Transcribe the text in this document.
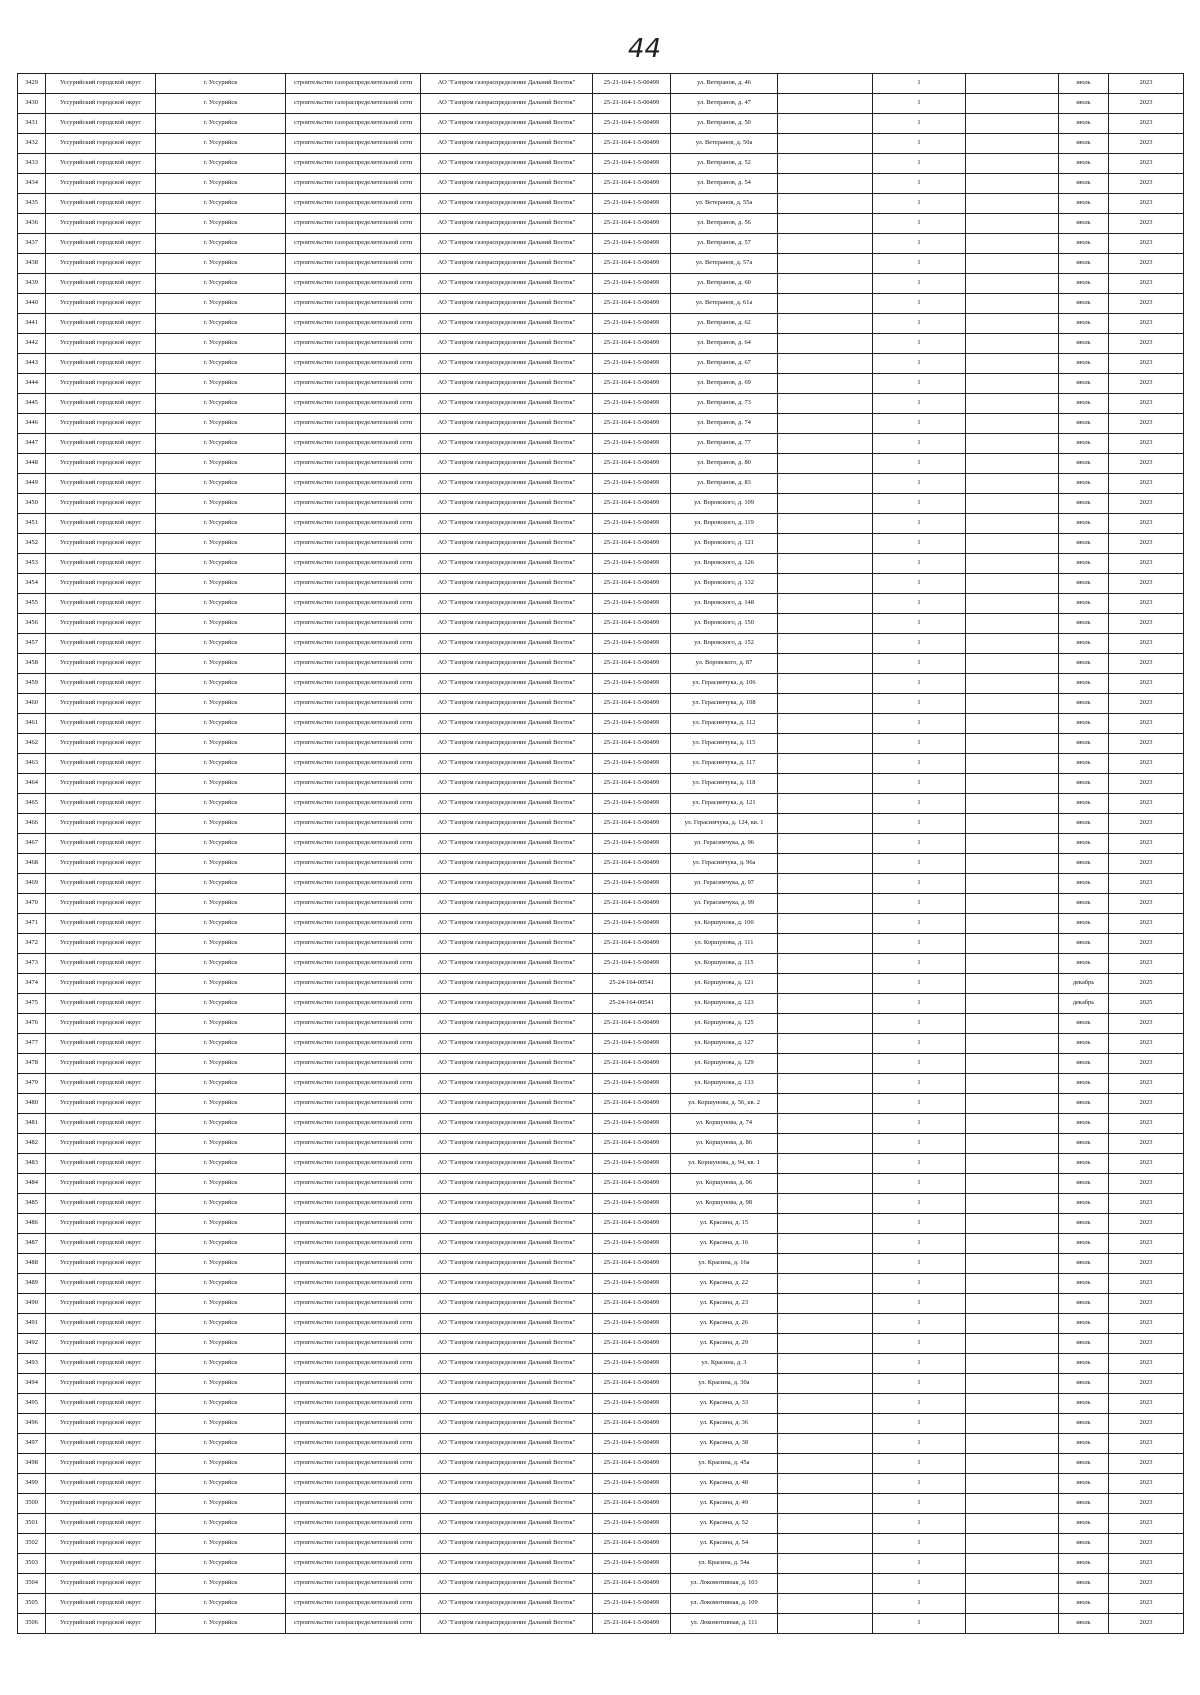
44
3429	Уссурийский городской округ	г. Уссурийск	строительство газораспределительной сети	АО "Газпром газораспределение Дальний Восток"	25-21-164-1-5-00499	ул. Ветеранов, д. 46		1		июль	2023
3430	Уссурийский городской округ	г. Уссурийск	строительство газораспределительной сети	АО "Газпром газораспределение Дальний Восток"	25-21-164-1-5-00499	ул. Ветеранов, д. 47		1		июль	2023
3431	Уссурийский городской округ	г. Уссурийск	строительство газораспределительной сети	АО "Газпром газораспределение Дальний Восток"	25-21-164-1-5-00499	ул. Ветеранов, д. 50		1		июль	2023
3432	Уссурийский городской округ	г. Уссурийск	строительство газораспределительной сети	АО "Газпром газораспределение Дальний Восток"	25-21-164-1-5-00499	ул. Ветеранов, д. 50а		1		июль	2023
3433	Уссурийский городской округ	г. Уссурийск	строительство газораспределительной сети	АО "Газпром газораспределение Дальний Восток"	25-21-164-1-5-00499	ул. Ветеранов, д. 52		1		июль	2023
3434	Уссурийский городской округ	г. Уссурийск	строительство газораспределительной сети	АО "Газпром газораспределение Дальний Восток"	25-21-164-1-5-00499	ул. Ветеранов, д. 54		1		июль	2023
3435	Уссурийский городской округ	г. Уссурийск	строительство газораспределительной сети	АО "Газпром газораспределение Дальний Восток"	25-21-164-1-5-00499	ул. Ветеранов, д. 55а		1		июль	2023
3436	Уссурийский городской округ	г. Уссурийск	строительство газораспределительной сети	АО "Газпром газораспределение Дальний Восток"	25-21-164-1-5-00499	ул. Ветеранов, д. 56		1		июль	2023
3437	Уссурийский городской округ	г. Уссурийск	строительство газораспределительной сети	АО "Газпром газораспределение Дальний Восток"	25-21-164-1-5-00499	ул. Ветеранов, д. 57		1		июль	2023
3438	Уссурийский городской округ	г. Уссурийск	строительство газораспределительной сети	АО "Газпром газораспределение Дальний Восток"	25-21-164-1-5-00499	ул. Ветеранов, д. 57а		1		июль	2023
3439	Уссурийский городской округ	г. Уссурийск	строительство газораспределительной сети	АО "Газпром газораспределение Дальний Восток"	25-21-164-1-5-00499	ул. Ветеранов, д. 60		1		июль	2023
3440	Уссурийский городской округ	г. Уссурийск	строительство газораспределительной сети	АО "Газпром газораспределение Дальний Восток"	25-21-164-1-5-00499	ул. Ветеранов, д. 61а		1		июль	2023
3441	Уссурийский городской округ	г. Уссурийск	строительство газораспределительной сети	АО "Газпром газораспределение Дальний Восток"	25-21-164-1-5-00499	ул. Ветеранов, д. 62		1		июль	2023
3442	Уссурийский городской округ	г. Уссурийск	строительство газораспределительной сети	АО "Газпром газораспределение Дальний Восток"	25-21-164-1-5-00499	ул. Ветеранов, д. 64		1		июль	2023
3443	Уссурийский городской округ	г. Уссурийск	строительство газораспределительной сети	АО "Газпром газораспределение Дальний Восток"	25-21-164-1-5-00499	ул. Ветеранов, д. 67		1		июль	2023
3444	Уссурийский городской округ	г. Уссурийск	строительство газораспределительной сети	АО "Газпром газораспределение Дальний Восток"	25-21-164-1-5-00499	ул. Ветеранов, д. 69		1		июль	2023
3445	Уссурийский городской округ	г. Уссурийск	строительство газораспределительной сети	АО "Газпром газораспределение Дальний Восток"	25-21-164-1-5-00499	ул. Ветеранов, д. 73		1		июль	2023
3446	Уссурийский городской округ	г. Уссурийск	строительство газораспределительной сети	АО "Газпром газораспределение Дальний Восток"	25-21-164-1-5-00499	ул. Ветеранов, д. 74		1		июль	2023
3447	Уссурийский городской округ	г. Уссурийск	строительство газораспределительной сети	АО "Газпром газораспределение Дальний Восток"	25-21-164-1-5-00499	ул. Ветеранов, д. 77		1		июль	2023
3448	Уссурийский городской округ	г. Уссурийск	строительство газораспределительной сети	АО "Газпром газораспределение Дальний Восток"	25-21-164-1-5-00499	ул. Ветеранов, д. 80		1		июль	2023
3449	Уссурийский городской округ	г. Уссурийск	строительство газораспределительной сети	АО "Газпром газораспределение Дальний Восток"	25-21-164-1-5-00499	ул. Ветеранов, д. 83		1		июль	2023
3450	Уссурийский городской округ	г. Уссурийск	строительство газораспределительной сети	АО "Газпром газораспределение Дальний Восток"	25-21-164-1-5-00499	ул. Воровского, д. 109		1		июль	2023
3451	Уссурийский городской округ	г. Уссурийск	строительство газораспределительной сети	АО "Газпром газораспределение Дальний Восток"	25-21-164-1-5-00499	ул. Воровского, д. 119		1		июль	2023
3452	Уссурийский городской округ	г. Уссурийск	строительство газораспределительной сети	АО "Газпром газораспределение Дальний Восток"	25-21-164-1-5-00499	ул. Воровского, д. 121		1		июль	2023
3453	Уссурийский городской округ	г. Уссурийск	строительство газораспределительной сети	АО "Газпром газораспределение Дальний Восток"	25-21-164-1-5-00499	ул. Воровского, д. 126		1		июль	2023
3454	Уссурийский городской округ	г. Уссурийск	строительство газораспределительной сети	АО "Газпром газораспределение Дальний Восток"	25-21-164-1-5-00499	ул. Воровского, д. 132		1		июль	2023
3455	Уссурийский городской округ	г. Уссурийск	строительство газораспределительной сети	АО "Газпром газораспределение Дальний Восток"	25-21-164-1-5-00499	ул. Воровского, д. 148		1		июль	2023
3456	Уссурийский городской округ	г. Уссурийск	строительство газораспределительной сети	АО "Газпром газораспределение Дальний Восток"	25-21-164-1-5-00499	ул. Воровского, д. 150		1		июль	2023
3457	Уссурийский городской округ	г. Уссурийск	строительство газораспределительной сети	АО "Газпром газораспределение Дальний Восток"	25-21-164-1-5-00499	ул. Воровского, д. 152		1		июль	2023
3458	Уссурийский городской округ	г. Уссурийск	строительство газораспределительной сети	АО "Газпром газораспределение Дальний Восток"	25-21-164-1-5-00499	ул. Воровского, д. 87		1		июль	2023
3459	Уссурийский городской округ	г. Уссурийск	строительство газораспределительной сети	АО "Газпром газораспределение Дальний Восток"	25-21-164-1-5-00499	ул. Герасимчука, д. 106		1		июль	2023
3460	Уссурийский городской округ	г. Уссурийск	строительство газораспределительной сети	АО "Газпром газораспределение Дальний Восток"	25-21-164-1-5-00499	ул. Герасимчука, д. 108		1		июль	2023
3461	Уссурийский городской округ	г. Уссурийск	строительство газораспределительной сети	АО "Газпром газораспределение Дальний Восток"	25-21-164-1-5-00499	ул. Герасимчука, д. 112		1		июль	2023
3462	Уссурийский городской округ	г. Уссурийск	строительство газораспределительной сети	АО "Газпром газораспределение Дальний Восток"	25-21-164-1-5-00499	ул. Герасимчука, д. 115		1		июль	2023
3463	Уссурийский городской округ	г. Уссурийск	строительство газораспределительной сети	АО "Газпром газораспределение Дальний Восток"	25-21-164-1-5-00499	ул. Герасимчука, д. 117		1		июль	2023
3464	Уссурийский городской округ	г. Уссурийск	строительство газораспределительной сети	АО "Газпром газораспределение Дальний Восток"	25-21-164-1-5-00499	ул. Герасимчука, д. 118		1		июль	2023
3465	Уссурийский городской округ	г. Уссурийск	строительство газораспределительной сети	АО "Газпром газораспределение Дальний Восток"	25-21-164-1-5-00499	ул. Герасимчука, д. 121		1		июль	2023
3466	Уссурийский городской округ	г. Уссурийск	строительство газораспределительной сети	АО "Газпром газораспределение Дальний Восток"	25-21-164-1-5-00499	ул. Герасимчука, д. 124, кв. 1		1		июль	2023
3467	Уссурийский городской округ	г. Уссурийск	строительство газораспределительной сети	АО "Газпром газораспределение Дальний Восток"	25-21-164-1-5-00499	ул. Герасимчука, д. 96		1		июль	2023
3468	Уссурийский городской округ	г. Уссурийск	строительство газораспределительной сети	АО "Газпром газораспределение Дальний Восток"	25-21-164-1-5-00499	ул. Герасимчука, д. 96а		1		июль	2023
3469	Уссурийский городской округ	г. Уссурийск	строительство газораспределительной сети	АО "Газпром газораспределение Дальний Восток"	25-21-164-1-5-00499	ул. Герасимчука, д. 97		1		июль	2023
3470	Уссурийский городской округ	г. Уссурийск	строительство газораспределительной сети	АО "Газпром газораспределение Дальний Восток"	25-21-164-1-5-00499	ул. Герасимчука, д. 99		1		июль	2023
3471	Уссурийский городской округ	г. Уссурийск	строительство газораспределительной сети	АО "Газпром газораспределение Дальний Восток"	25-21-164-1-5-00499	ул. Коршунова, д. 100		1		июль	2023
3472	Уссурийский городской округ	г. Уссурийск	строительство газораспределительной сети	АО "Газпром газораспределение Дальний Восток"	25-21-164-1-5-00499	ул. Коршунова, д. 111		1		июль	2023
3473	Уссурийский городской округ	г. Уссурийск	строительство газораспределительной сети	АО "Газпром газораспределение Дальний Восток"	25-21-164-1-5-00499	ул. Коршунова, д. 115		1		июль	2023
3474	Уссурийский городской округ	г. Уссурийск	строительство газораспределительной сети	АО "Газпром газораспределение Дальний Восток"	25-24-164-00541	ул. Коршунова, д. 121		1		декабрь	2025
3475	Уссурийский городской округ	г. Уссурийск	строительство газораспределительной сети	АО "Газпром газораспределение Дальний Восток"	25-24-164-00541	ул. Коршунова, д. 123		1		декабрь	2025
3476	Уссурийский городской округ	г. Уссурийск	строительство газораспределительной сети	АО "Газпром газораспределение Дальний Восток"	25-21-164-1-5-00499	ул. Коршунова, д. 125		1		июль	2023
3477	Уссурийский городской округ	г. Уссурийск	строительство газораспределительной сети	АО "Газпром газораспределение Дальний Восток"	25-21-164-1-5-00499	ул. Коршунова, д. 127		1		июль	2023
3478	Уссурийский городской округ	г. Уссурийск	строительство газораспределительной сети	АО "Газпром газораспределение Дальний Восток"	25-21-164-1-5-00499	ул. Коршунова, д. 129		1		июль	2023
3479	Уссурийский городской округ	г. Уссурийск	строительство газораспределительной сети	АО "Газпром газораспределение Дальний Восток"	25-21-164-1-5-00499	ул. Коршунова, д. 133		1		июль	2023
3480	Уссурийский городской округ	г. Уссурийск	строительство газораспределительной сети	АО "Газпром газораспределение Дальний Восток"	25-21-164-1-5-00499	ул. Коршунова, д. 56, кв. 2		1		июль	2023
3481	Уссурийский городской округ	г. Уссурийск	строительство газораспределительной сети	АО "Газпром газораспределение Дальний Восток"	25-21-164-1-5-00499	ул. Коршунова, д. 74		1		июль	2023
3482	Уссурийский городской округ	г. Уссурийск	строительство газораспределительной сети	АО "Газпром газораспределение Дальний Восток"	25-21-164-1-5-00499	ул. Коршунова, д. 86		1		июль	2023
3483	Уссурийский городской округ	г. Уссурийск	строительство газораспределительной сети	АО "Газпром газораспределение Дальний Восток"	25-21-164-1-5-00499	ул. Коршунова, д. 94, кв. 1		1		июль	2023
3484	Уссурийский городской округ	г. Уссурийск	строительство газораспределительной сети	АО "Газпром газораспределение Дальний Восток"	25-21-164-1-5-00499	ул. Коршунова, д. 96		1		июль	2023
3485	Уссурийский городской округ	г. Уссурийск	строительство газораспределительной сети	АО "Газпром газораспределение Дальний Восток"	25-21-164-1-5-00499	ул. Коршунова, д. 98		1		июль	2023
3486	Уссурийский городской округ	г. Уссурийск	строительство газораспределительной сети	АО "Газпром газораспределение Дальний Восток"	25-21-164-1-5-00499	ул. Красина, д. 15		1		июль	2023
3487	Уссурийский городской округ	г. Уссурийск	строительство газораспределительной сети	АО "Газпром газораспределение Дальний Восток"	25-21-164-1-5-00499	ул. Красина, д. 16		1		июль	2023
3488	Уссурийский городской округ	г. Уссурийск	строительство газораспределительной сети	АО "Газпром газораспределение Дальний Восток"	25-21-164-1-5-00499	ул. Красина, д. 16а		1		июль	2023
3489	Уссурийский городской округ	г. Уссурийск	строительство газораспределительной сети	АО "Газпром газораспределение Дальний Восток"	25-21-164-1-5-00499	ул. Красина, д. 22		1		июль	2023
3490	Уссурийский городской округ	г. Уссурийск	строительство газораспределительной сети	АО "Газпром газораспределение Дальний Восток"	25-21-164-1-5-00499	ул. Красина, д. 23		1		июль	2023
3491	Уссурийский городской округ	г. Уссурийск	строительство газораспределительной сети	АО "Газпром газораспределение Дальний Восток"	25-21-164-1-5-00499	ул. Красина, д. 26		1		июль	2023
3492	Уссурийский городской округ	г. Уссурийск	строительство газораспределительной сети	АО "Газпром газораспределение Дальний Восток"	25-21-164-1-5-00499	ул. Красина, д. 29		1		июль	2023
3493	Уссурийский городской округ	г. Уссурийск	строительство газораспределительной сети	АО "Газпром газораспределение Дальний Восток"	25-21-164-1-5-00499	ул. Красина, д. 3		1		июль	2023
3494	Уссурийский городской округ	г. Уссурийск	строительство газораспределительной сети	АО "Газпром газораспределение Дальний Восток"	25-21-164-1-5-00499	ул. Красина, д. 30а		1		июль	2023
3495	Уссурийский городской округ	г. Уссурийск	строительство газораспределительной сети	АО "Газпром газораспределение Дальний Восток"	25-21-164-1-5-00499	ул. Красина, д. 33		1		июль	2023
3496	Уссурийский городской округ	г. Уссурийск	строительство газораспределительной сети	АО "Газпром газораспределение Дальний Восток"	25-21-164-1-5-00499	ул. Красина, д. 36		1		июль	2023
3497	Уссурийский городской округ	г. Уссурийск	строительство газораспределительной сети	АО "Газпром газораспределение Дальний Восток"	25-21-164-1-5-00499	ул. Красина, д. 38		1		июль	2023
3498	Уссурийский городской округ	г. Уссурийск	строительство газораспределительной сети	АО "Газпром газораспределение Дальний Восток"	25-21-164-1-5-00499	ул. Красина, д. 45а		1		июль	2023
3499	Уссурийский городской округ	г. Уссурийск	строительство газораспределительной сети	АО "Газпром газораспределение Дальний Восток"	25-21-164-1-5-00499	ул. Красина, д. 48		1		июль	2023
3500	Уссурийский городской округ	г. Уссурийск	строительство газораспределительной сети	АО "Газпром газораспределение Дальний Восток"	25-21-164-1-5-00499	ул. Красина, д. 49		1		июль	2023
3501	Уссурийский городской округ	г. Уссурийск	строительство газораспределительной сети	АО "Газпром газораспределение Дальний Восток"	25-21-164-1-5-00499	ул. Красина, д. 52		1		июль	2023
3502	Уссурийский городской округ	г. Уссурийск	строительство газораспределительной сети	АО "Газпром газораспределение Дальний Восток"	25-21-164-1-5-00499	ул. Красина, д. 54		1		июль	2023
3503	Уссурийский городской округ	г. Уссурийск	строительство газораспределительной сети	АО "Газпром газораспределение Дальний Восток"	25-21-164-1-5-00499	ул. Красина, д. 54а		1		июль	2023
3504	Уссурийский городской округ	г. Уссурийск	строительство газораспределительной сети	АО "Газпром газораспределение Дальний Восток"	25-21-164-1-5-00499	ул. Локомотивная, д. 103		1		июль	2023
3505	Уссурийский городской округ	г. Уссурийск	строительство газораспределительной сети	АО "Газпром газораспределение Дальний Восток"	25-21-164-1-5-00499	ул. Локомотивная, д. 109		1		июль	2023
3506	Уссурийский городской округ	г. Уссурийск	строительство газораспределительной сети	АО "Газпром газораспределение Дальний Восток"	25-21-164-1-5-00499	ул. Локомотивная, д. 111		1		июль	2023
